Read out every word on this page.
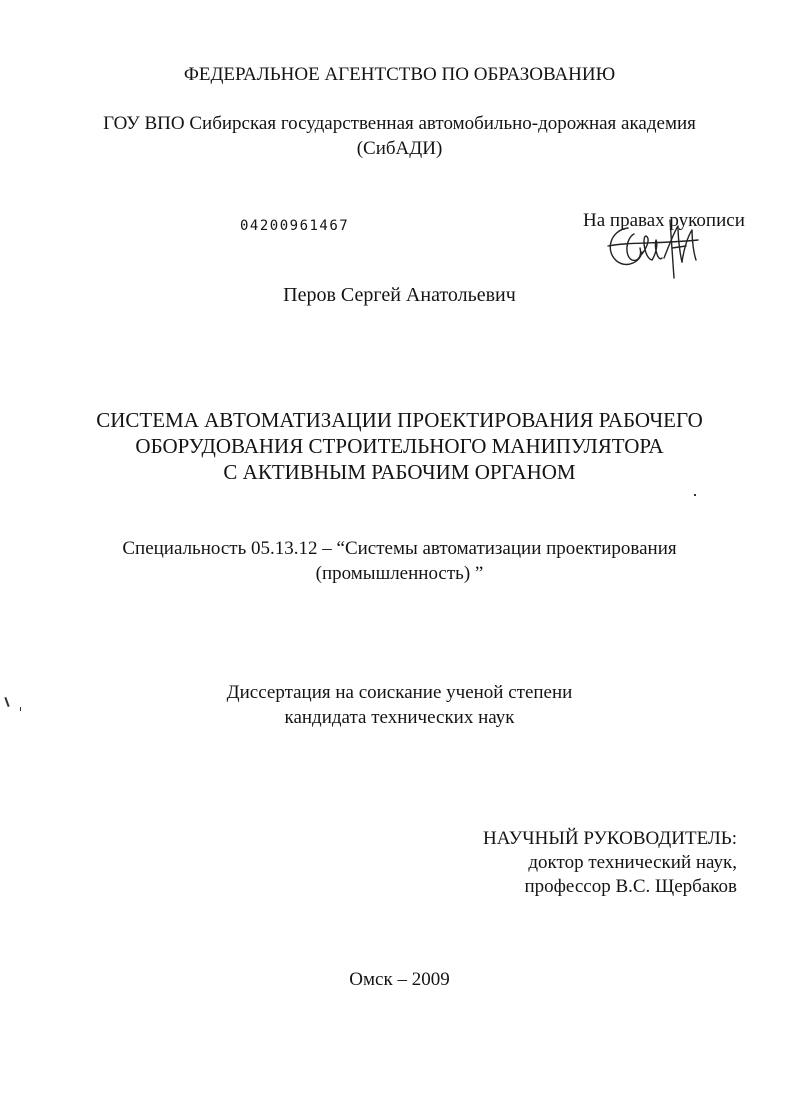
ФЕДЕРАЛЬНОЕ АГЕНТСТВО ПО ОБРАЗОВАНИЮ
ГОУ ВПО Сибирская государственная автомобильно-дорожная академия
(СибАДИ)
04200961467	На правах рукописи
Перов Сергей Анатольевич
СИСТЕМА АВТОМАТИЗАЦИИ ПРОЕКТИРОВАНИЯ РАБОЧЕГО
ОБОРУДОВАНИЯ СТРОИТЕЛЬНОГО МАНИПУЛЯТОРА
С АКТИВНЫМ РАБОЧИМ ОРГАНОМ
Специальность 05.13.12 – “Системы автоматизации проектирования
(промышленность) ”
Диссертация на соискание ученой степени
кандидата технических наук
НАУЧНЫЙ РУКОВОДИТЕЛЬ:
доктор технический наук,
профессор В.С. Щербаков
Омск – 2009
